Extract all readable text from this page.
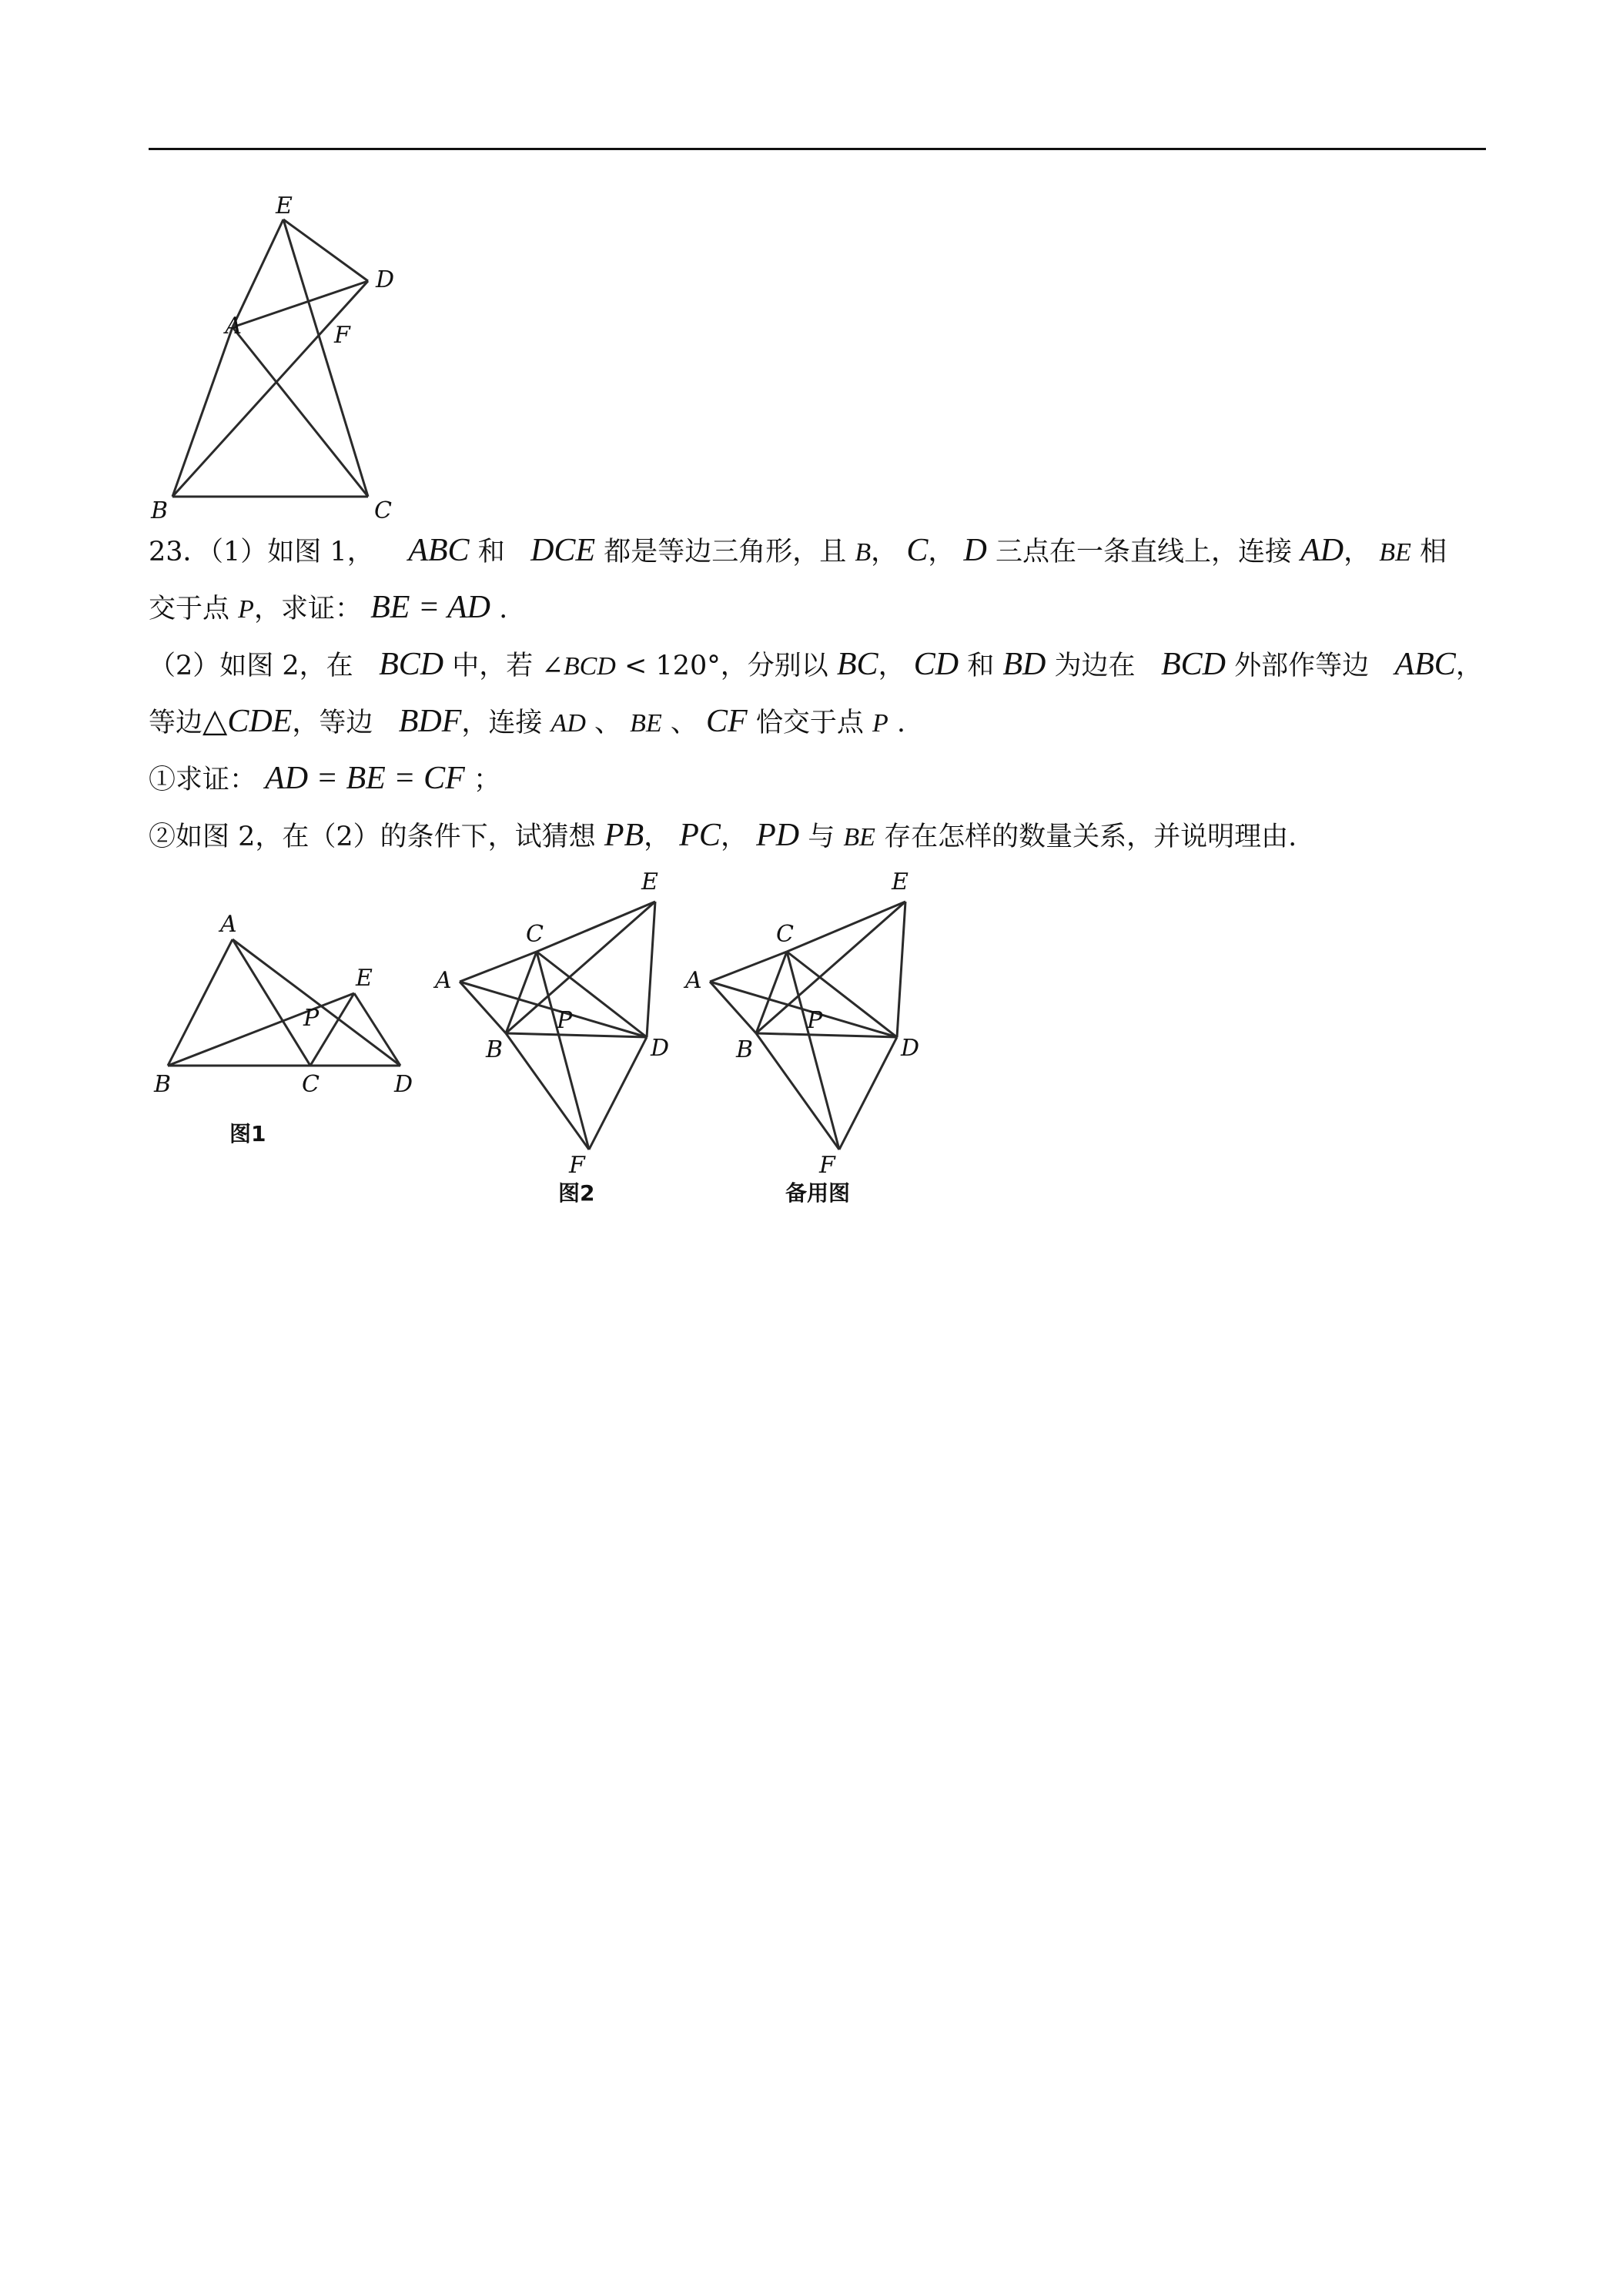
E
D
A	F
B	C
23．（1）如图 1， ABC 和 DCE 都是等边三角形，且 B， C， D 三点在一条直线上，连接 AD， BE 相
交于点 P，求证： BE = AD .
（2）如图 2，在 BCD 中，若 ∠BCD < 120°，分别以 BC， CD 和 BD 为边在 BCD 外部作等边 ABC，
等边△CDE，等边 BDF，连接 AD 、 BE 、 CF 恰交于点 P .
①求证： AD = BE = CF ；
②如图 2，在（2）的条件下，试猜想 PB， PC， PD 与 BE 存在怎样的数量关系，并说明理由.
A
E
P
B	C	D
图1
E
C
A
P
B	D
F
图2
E
C
A
P
B	D
F
备用图
